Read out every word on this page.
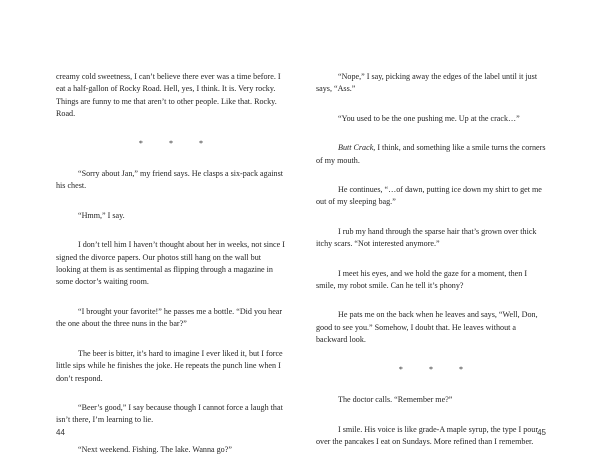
creamy cold sweetness, I can’t believe there ever was a time before. I eat a half-gallon of Rocky Road. Hell, yes, I think. It is. Very rocky. Things are funny to me that aren’t to other people. Like that. Rocky. Road.

* * *

“Sorry about Jan,” my friend says. He clasps a six-pack against his chest.

“Hmm,” I say.

I don’t tell him I haven’t thought about her in weeks, not since I signed the divorce papers. Our photos still hang on the wall but looking at them is as sentimental as flipping through a magazine in some doctor’s waiting room.

“I brought your favorite!” he passes me a bottle. “Did you hear the one about the three nuns in the bar?”

The beer is bitter, it’s hard to imagine I ever liked it, but I force little sips while he finishes the joke. He repeats the punch line when I don’t respond.

“Beer’s good,” I say because though I cannot force a laugh that isn’t there, I’m learning to lie.

“Next weekend. Fishing. The lake. Wanna go?”

44

“Nope,” I say, picking away the edges of the label until it just says, “Ass.”

“You used to be the one pushing me. Up at the crack…”

Butt Crack, I think, and something like a smile turns the corners of my mouth.

He continues, “…of dawn, putting ice down my shirt to get me out of my sleeping bag.”

I rub my hand through the sparse hair that’s grown over thick itchy scars. “Not interested anymore.”

I meet his eyes, and we hold the gaze for a moment, then I smile, my robot smile. Can he tell it’s phony?

He pats me on the back when he leaves and says, “Well, Don, good to see you.” Somehow, I doubt that. He leaves without a backward look.

* * *

The doctor calls. “Remember me?”

I smile. His voice is like grade-A maple syrup, the type I pour over the pancakes I eat on Sundays. More refined than I remember.

45
